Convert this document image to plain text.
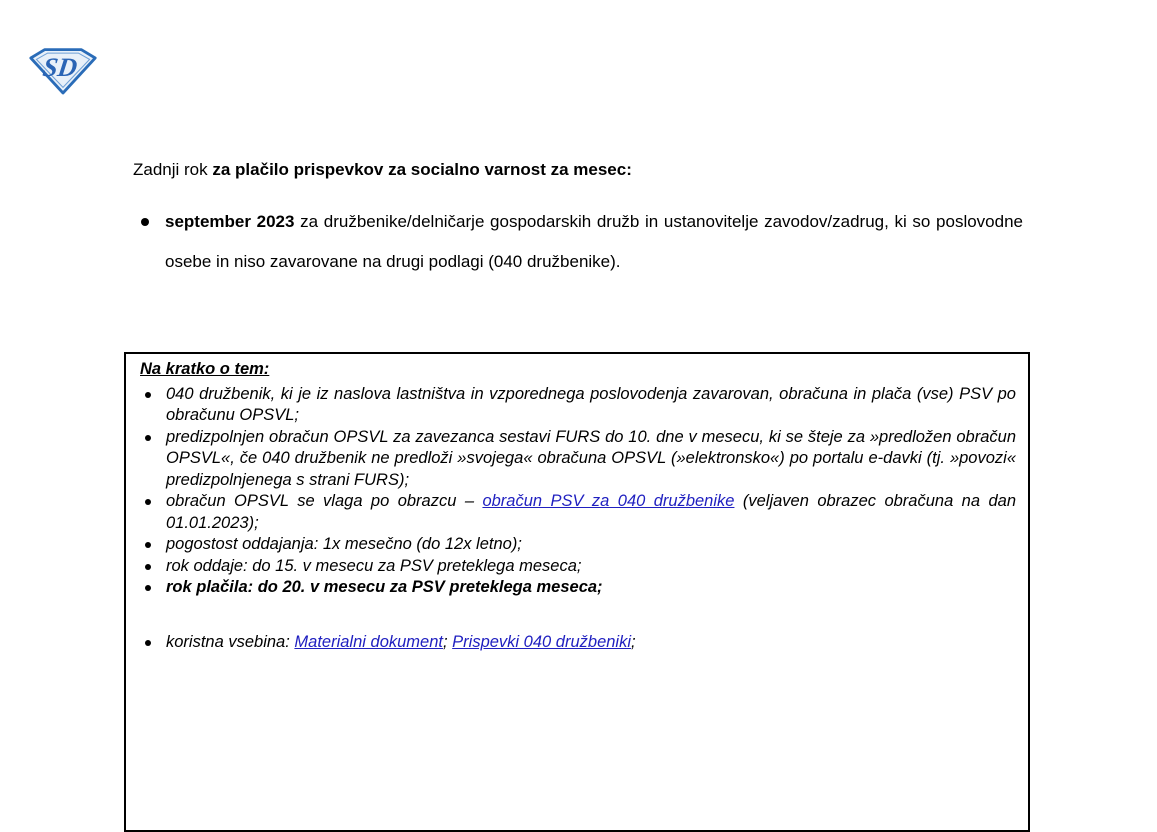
SD

Zadnji rok za plačilo prispevkov za socialno varnost za mesec:

september 2023 za družbenike/delničarje gospodarskih družb in ustanovitelje zavodov/zadrug, ki so poslovodne osebe in niso zavarovane na drugi podlagi (040 družbenike).

Na kratko o tem:

040 družbenik, ki je iz naslova lastništva in vzporednega poslovodenja zavarovan, obračuna in plača (vse) PSV po obračunu OPSVL;
predizpolnjen obračun OPSVL za zavezanca sestavi FURS do 10. dne v mesecu, ki se šteje za »predložen obračun OPSVL«, če 040 družbenik ne predloži »svojega« obračuna OPSVL (»elektronsko«) po portalu e-davki (tj. »povozi« predizpolnjenega s strani FURS);
obračun OPSVL se vlaga po obrazcu – obračun PSV za 040 družbenike (veljaven obrazec obračuna na dan 01.01.2023);
pogostost oddajanja: 1x mesečno (do 12x letno);
rok oddaje: do 15. v mesecu za PSV preteklega meseca;
rok plačila: do 20. v mesecu za PSV preteklega meseca;
koristna vsebina: Materialni dokument; Prispevki 040 družbeniki;
